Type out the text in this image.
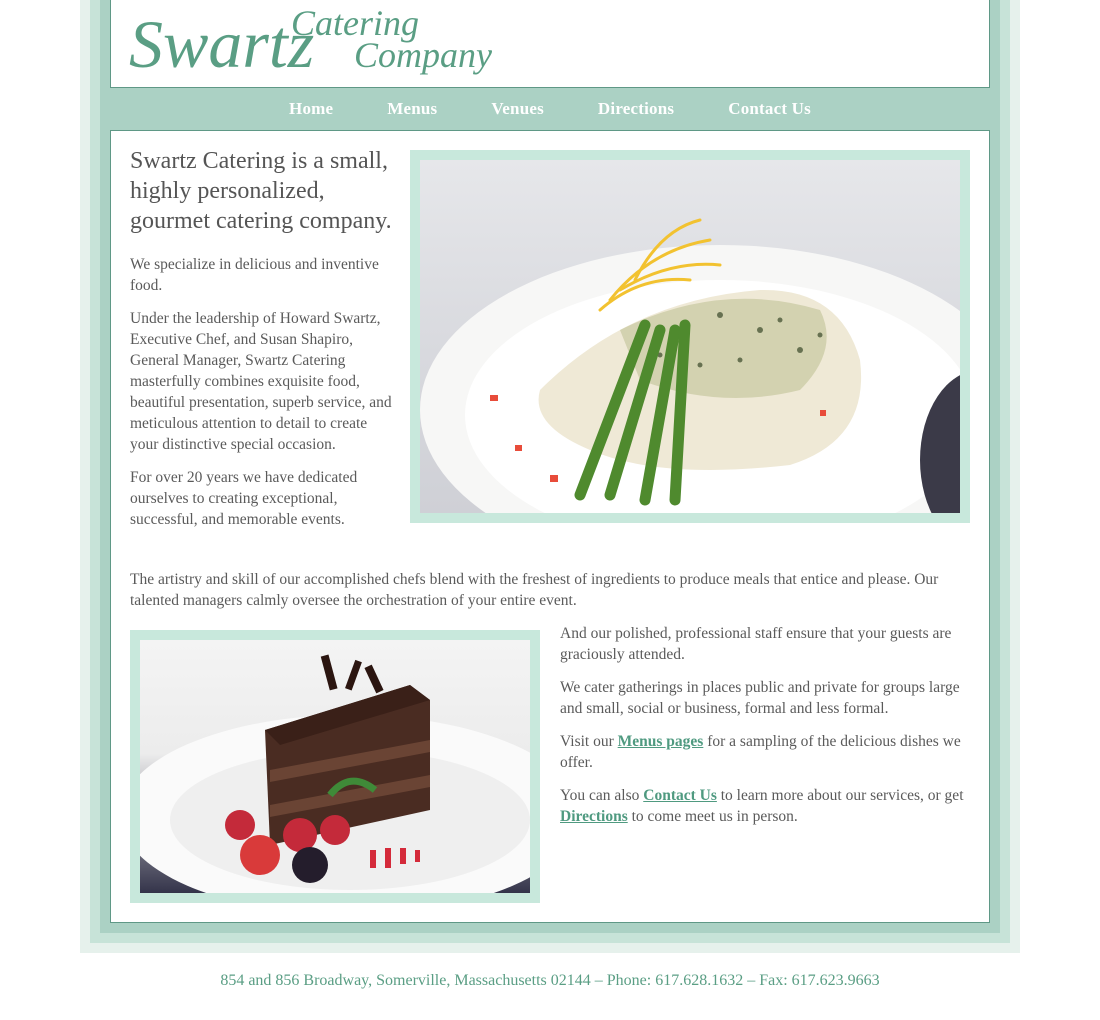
Swartz
Catering
Company
Home	Menus	Venues	Directions	Contact Us
Swartz Catering is a small, highly personalized, gourmet catering company.

We specialize in delicious and inventive food.

Under the leadership of Howard Swartz, Executive Chef, and Susan Shapiro, General Manager, Swartz Catering masterfully combines exquisite food, beautiful presentation, superb service, and meticulous attention to detail to create your distinctive special occasion.

For over 20 years we have dedicated ourselves to creating exceptional, successful, and memorable events.

The artistry and skill of our accomplished chefs blend with the freshest of ingredients to produce meals that entice and please. Our talented managers calmly oversee the orchestration of your entire event.

And our polished, professional staff ensure that your guests are graciously attended.

We cater gatherings in places public and private for groups large and small, social or business, formal and less formal.

Visit our Menus pages for a sampling of the delicious dishes we offer.

You can also Contact Us to learn more about our services, or get Directions to come meet us in person.

854 and 856 Broadway, Somerville, Massachusetts 02144 – Phone: 617.628.1632 – Fax: 617.623.9663
